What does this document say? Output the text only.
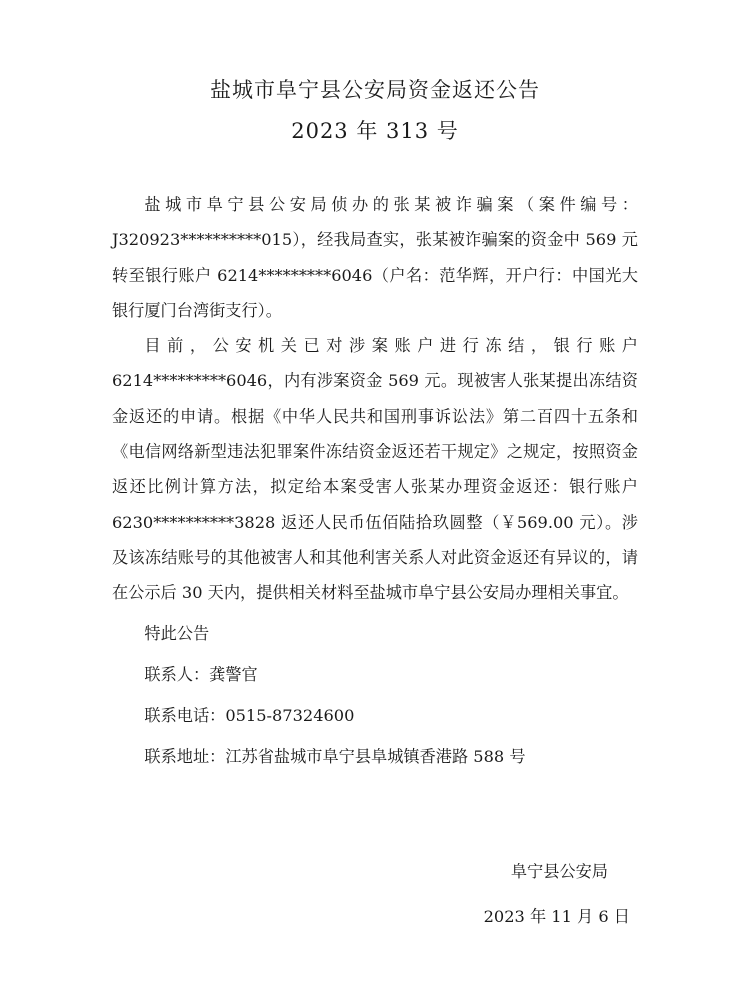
盐城市阜宁县公安局资金返还公告
2023 年 313 号

盐城市阜宁县公安局侦办的张某被诈骗案（案件编号：J320923**********015），经我局查实，张某被诈骗案的资金中 569 元转至银行账户 6214*********6046（户名：范华辉，开户行：中国光大银行厦门台湾街支行）。

目前，公安机关已对涉案账户进行冻结，银行账户 6214*********6046，内有涉案资金 569 元。现被害人张某提出冻结资金返还的申请。根据《中华人民共和国刑事诉讼法》第二百四十五条和《电信网络新型违法犯罪案件冻结资金返还若干规定》之规定，按照资金返还比例计算方法，拟定给本案受害人张某办理资金返还：银行账户 6230**********3828 返还人民币伍佰陆拾玖圆整（￥569.00 元）。涉及该冻结账号的其他被害人和其他利害关系人对此资金返还有异议的，请在公示后 30 天内，提供相关材料至盐城市阜宁县公安局办理相关事宜。

特此公告

联系人：龚警官

联系电话：0515-87324600

联系地址：江苏省盐城市阜宁县阜城镇香港路 588 号

阜宁县公安局
2023 年 11 月 6 日
